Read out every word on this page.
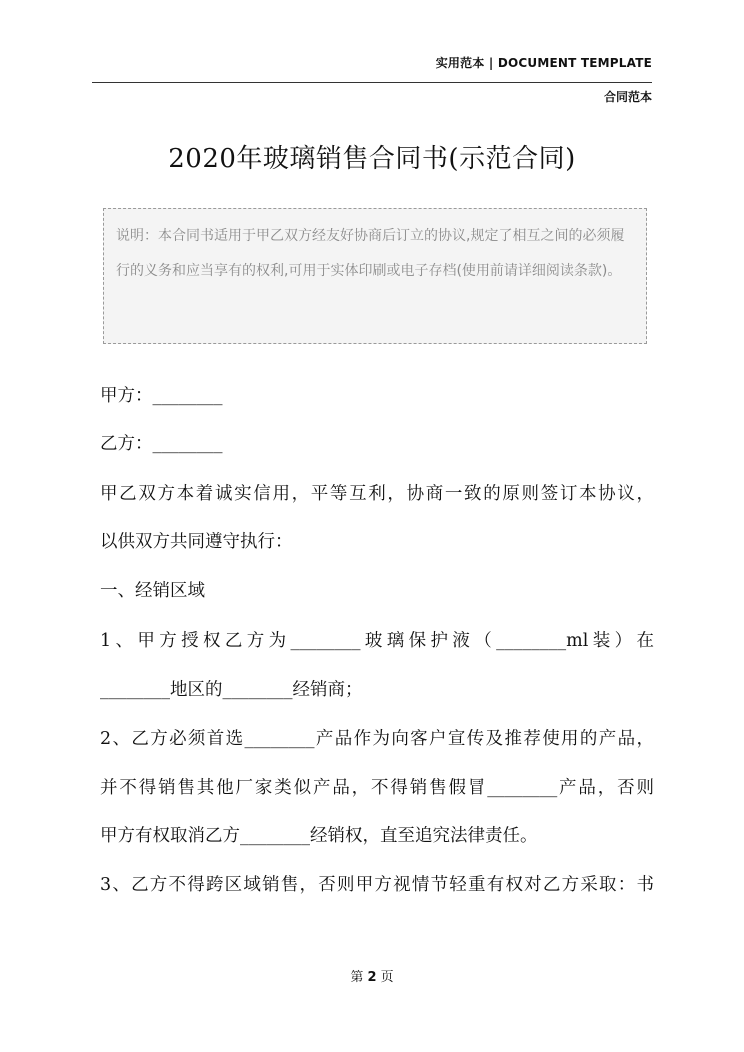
实用范本 | DOCUMENT TEMPLATE
合同范本
2020年玻璃销售合同书(示范合同)
说明：本合同书适用于甲乙双方经友好协商后订立的协议,规定了相互之间的必须履行的义务和应当享有的权利,可用于实体印刷或电子存档(使用前请详细阅读条款)。
甲方：________
乙方：________
甲乙双方本着诚实信用，平等互利，协商一致的原则签订本协议，
以供双方共同遵守执行：
一、经销区域
1、甲方授权乙方为________玻璃保护液（________ml装）在
________地区的________经销商；
2、乙方必须首选________产品作为向客户宣传及推荐使用的产品，
并不得销售其他厂家类似产品，不得销售假冒________产品，否则
甲方有权取消乙方________经销权，直至追究法律责任。
3、乙方不得跨区域销售，否则甲方视情节轻重有权对乙方采取：书
第 2 页
